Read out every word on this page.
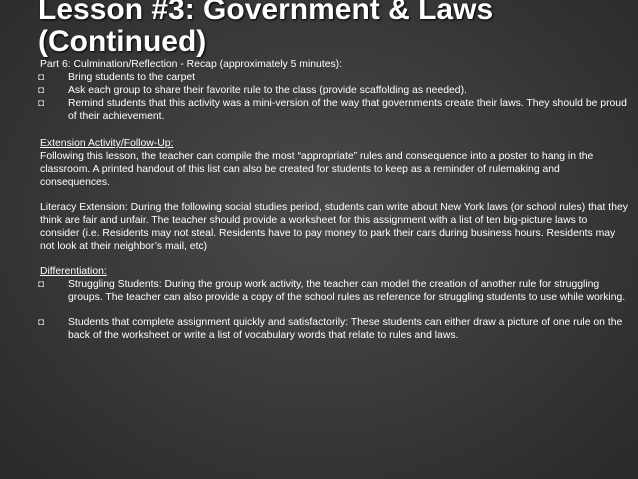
Lesson #3: Government & Laws
(Continued)

Part 6: Culmination/Reflection - Recap (approximately 5 minutes):

◘ Bring students to the carpet
◘ Ask each group to share their favorite rule to the class (provide scaffolding as needed).
◘ Remind students that this activity was a mini-version of the way that governments create their laws. They should be proud of their achievement.

Extension Activity/Follow-Up:

Following this lesson, the teacher can compile the most “appropriate” rules and consequence into a poster to hang in the classroom. A printed handout of this list can also be created for students to keep as a reminder of rulemaking and consequences.

Literacy Extension: During the following social studies period, students can write about New York laws (or school rules) that they think are fair and unfair. The teacher should provide a worksheet for this assignment with a list of ten big-picture laws to consider (i.e. Residents may not steal. Residents have to pay money to park their cars during business hours. Residents may not look at their neighbor’s mail, etc)

Differentiation:

◘ Struggling Students: During the group work activity, the teacher can model the creation of another rule for struggling groups. The teacher can also provide a copy of the school rules as reference for struggling students to use while working.
◘ Students that complete assignment quickly and satisfactorily: These students can either draw a picture of one rule on the back of the worksheet or write a list of vocabulary words that relate to rules and laws.
